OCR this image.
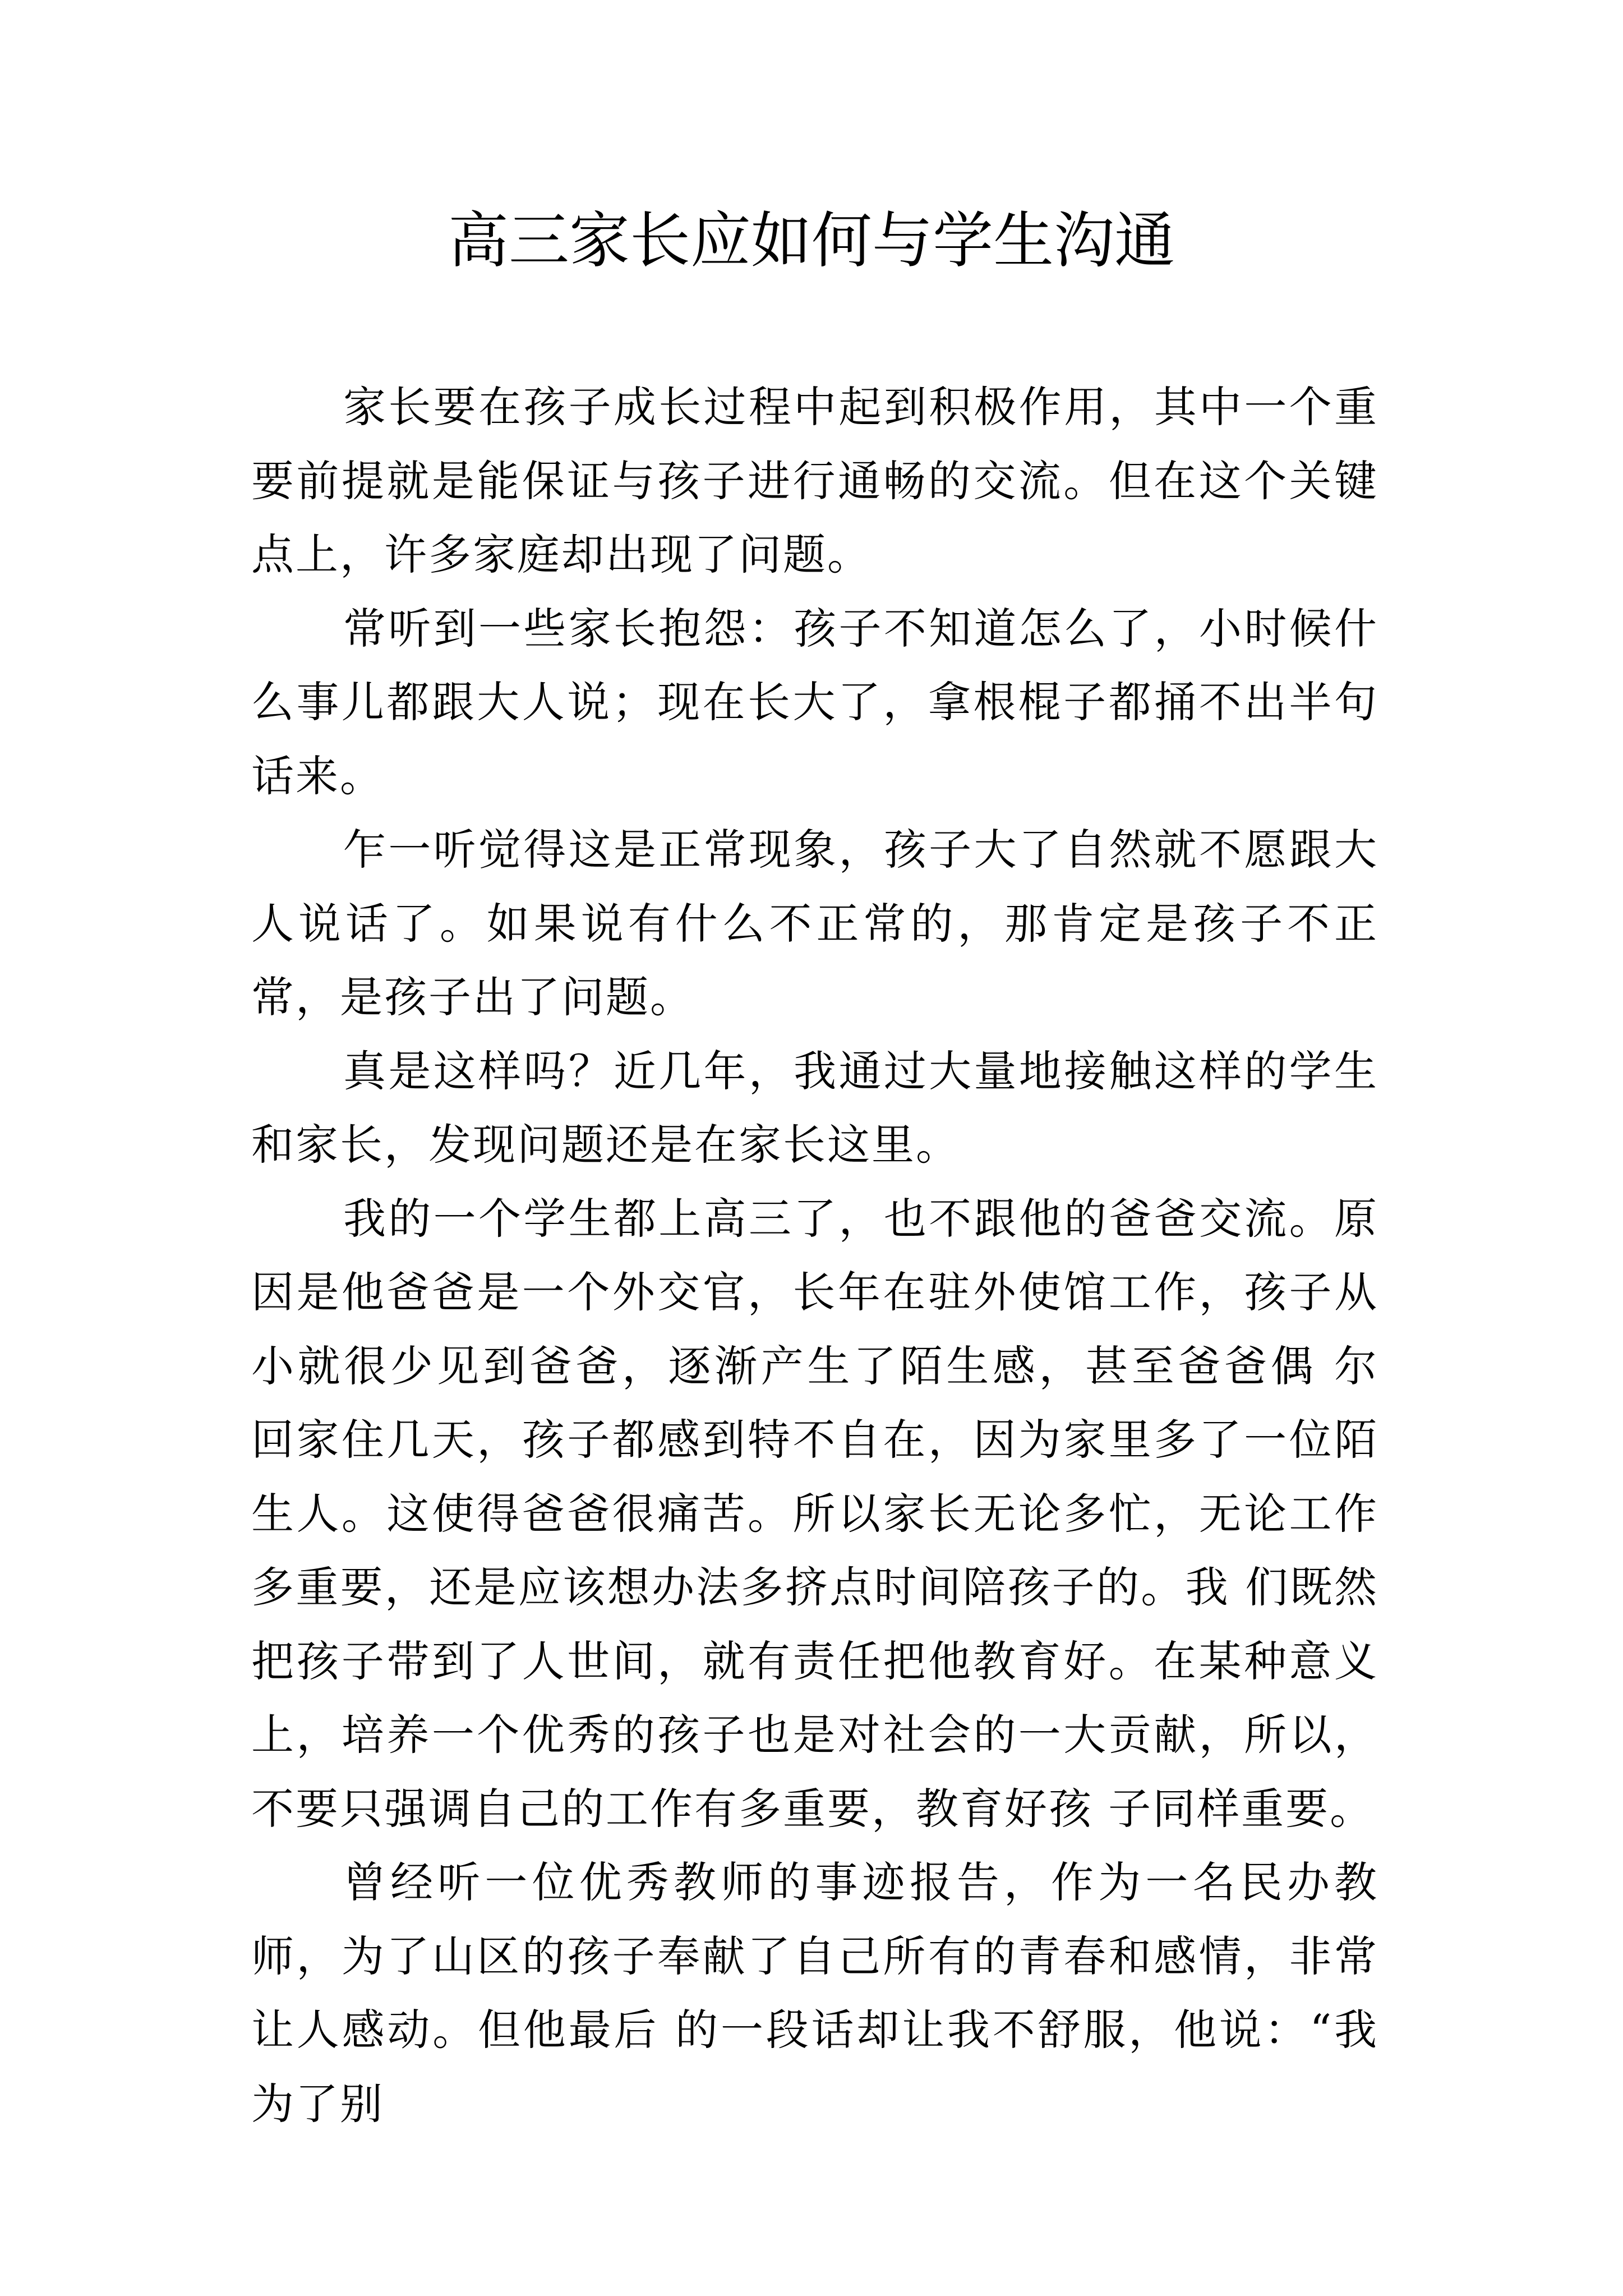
高三家长应如何与学生沟通

家长要在孩子成长过程中起到积极作用，其中一个重要前提就是能保证与孩子进行通畅的交流。但在这个关键点上，许多家庭却出现了问题。

常听到一些家长抱怨：孩子不知道怎么了，小时候什么事儿都跟大人说；现在长大了，拿根棍子都捅不出半句话来。

乍一听觉得这是正常现象，孩子大了自然就不愿跟大人说话了。如果说有什么不正常的，那肯定是孩子不正常，是孩子出了问题。

真是这样吗？近几年，我通过大量地接触这样的学生和家长，发现问题还是在家长这里。

我的一个学生都上高三了，也不跟他的爸爸交流。原因是他爸爸是一个外交官，长年在驻外使馆工作，孩子从小就很少见到爸爸，逐渐产生了陌生感，甚至爸爸偶 尔 回家住几天，孩子都感到特不自在，因为家里多了一位陌生人。这使得爸爸很痛苦。所以家长无论多忙，无论工作多重要，还是应该想办法多挤点时间陪孩子的。我 们既然把孩子带到了人世间，就有责任把他教育好。在某种意义上，培养一个优秀的孩子也是对社会的一大贡献，所以，不要只强调自己的工作有多重要，教育好孩 子同样重要。

曾经听一位优秀教师的事迹报告，作为一名民办教师，为了山区的孩子奉献了自己所有的青春和感情，非常让人感动。但他最后 的一段话却让我不舒服，他说：“我 为了别
